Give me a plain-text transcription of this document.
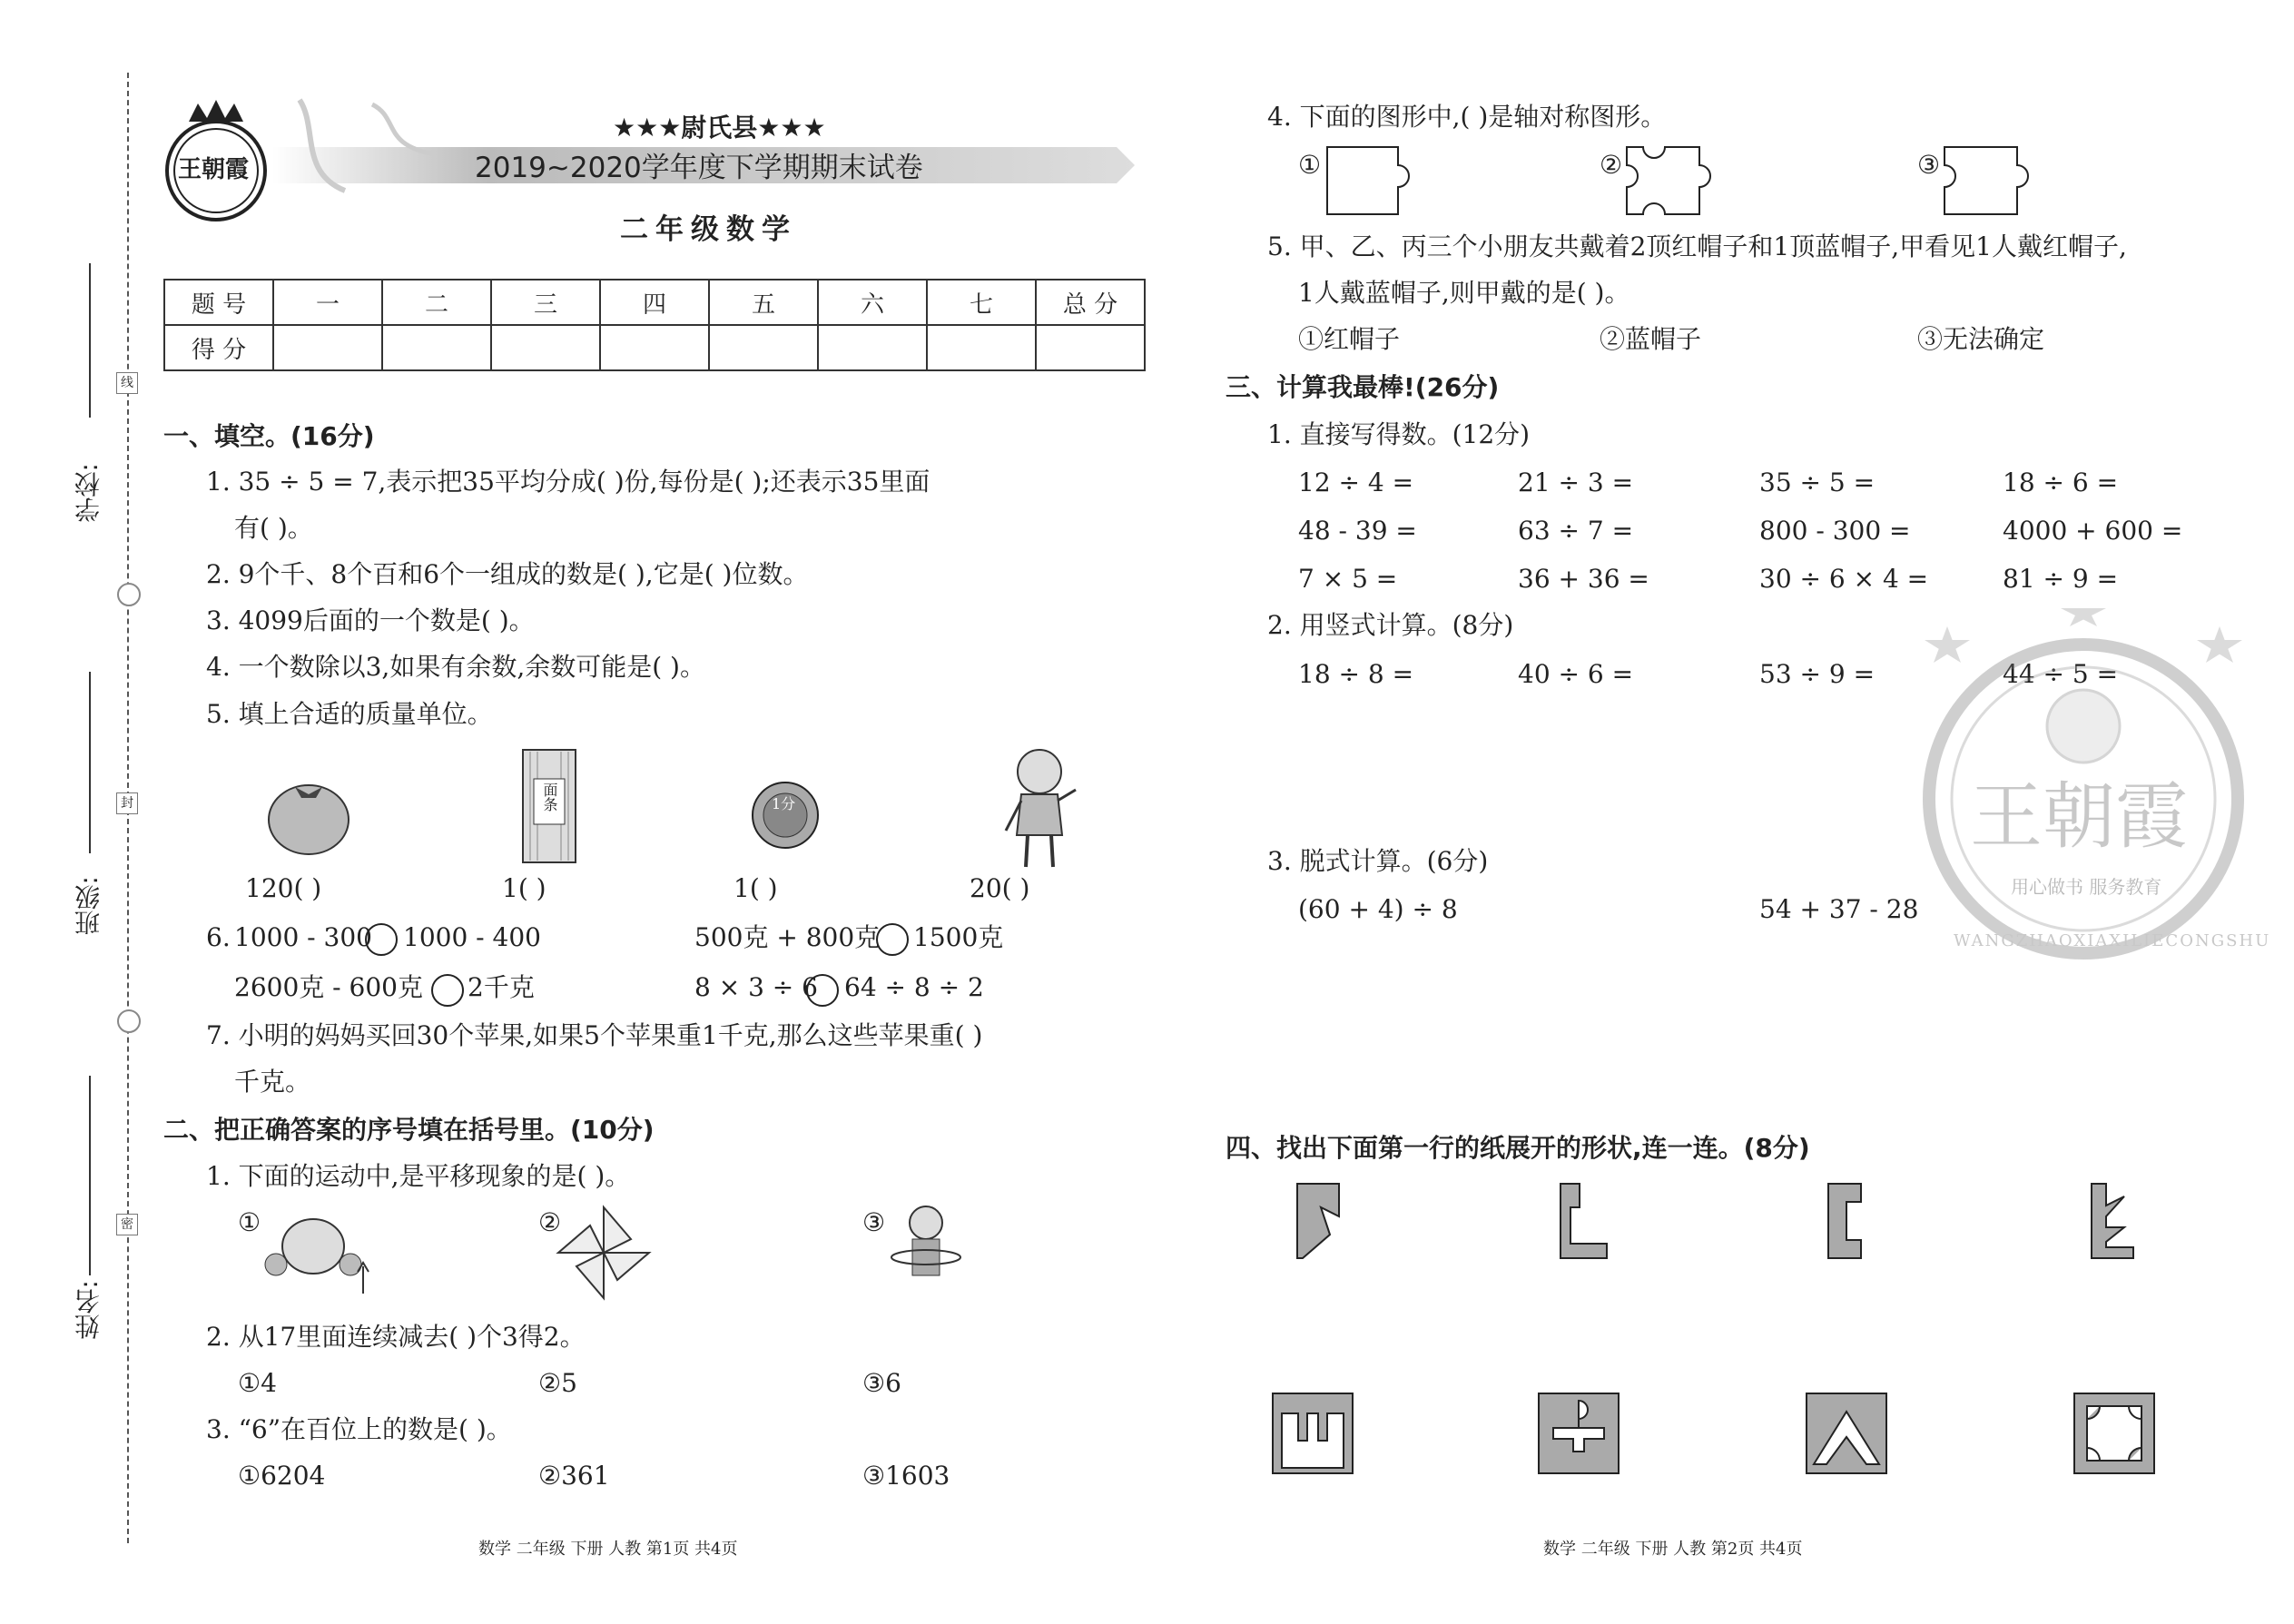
线
封
密
学校:
班级:
姓名:
王朝霞
★★★尉氏县★★★
2019~2020学年度下学期期末试卷
二年级数学
题 号	一	二	三	四	五	六	七	总 分
得 分								
一、填空。(16分)
1. 35 ÷ 5 = 7,表示把35平均分成( )份,每份是( );还表示35里面
有( )。
2. 9个千、8个百和6个一组成的数是( ),它是( )位数。
3. 4099后面的一个数是( )。
4. 一个数除以3,如果有余数,余数可能是( )。
5. 填上合适的质量单位。
面条	1分
120( )	1( )	1( )	20( )
6. 1000 - 300 1000 - 400	500克 + 800克 1500克
2600克 - 600克 2千克	8 × 3 ÷ 6 64 ÷ 8 ÷ 2
7. 小明的妈妈买回30个苹果,如果5个苹果重1千克,那么这些苹果重( )
千克。
二、把正确答案的序号填在括号里。(10分)
1. 下面的运动中,是平移现象的是( )。
①	②	③
2. 从17里面连续减去( )个3得2。
①4	②5	③6
3. “6”在百位上的数是( )。
①6204	②361	③1603
数学 二年级 下册 人教 第1页 共4页
4. 下面的图形中,( )是轴对称图形。
①	②	③
5. 甲、乙、丙三个小朋友共戴着2顶红帽子和1顶蓝帽子,甲看见1人戴红帽子,
1人戴蓝帽子,则甲戴的是( )。
①红帽子	②蓝帽子	③无法确定
三、计算我最棒!(26分)
1. 直接写得数。(12分)
12 ÷ 4 =	21 ÷ 3 =	35 ÷ 5 =	18 ÷ 6 =
48 - 39 =	63 ÷ 7 =	800 - 300 =	4000 + 600 =
7 × 5 =	36 + 36 =	30 ÷ 6 × 4 =	81 ÷ 9 =
2. 用竖式计算。(8分)
18 ÷ 8 =	40 ÷ 6 =	53 ÷ 9 =	44 ÷ 5 =
3. 脱式计算。(6分)
(60 + 4) ÷ 8	54 + 37 - 28
王朝霞
用心做书 服务教育
WANGZHAOXIAXILIECONGSHU
四、找出下面第一行的纸展开的形状,连一连。(8分)
数学 二年级 下册 人教 第2页 共4页
